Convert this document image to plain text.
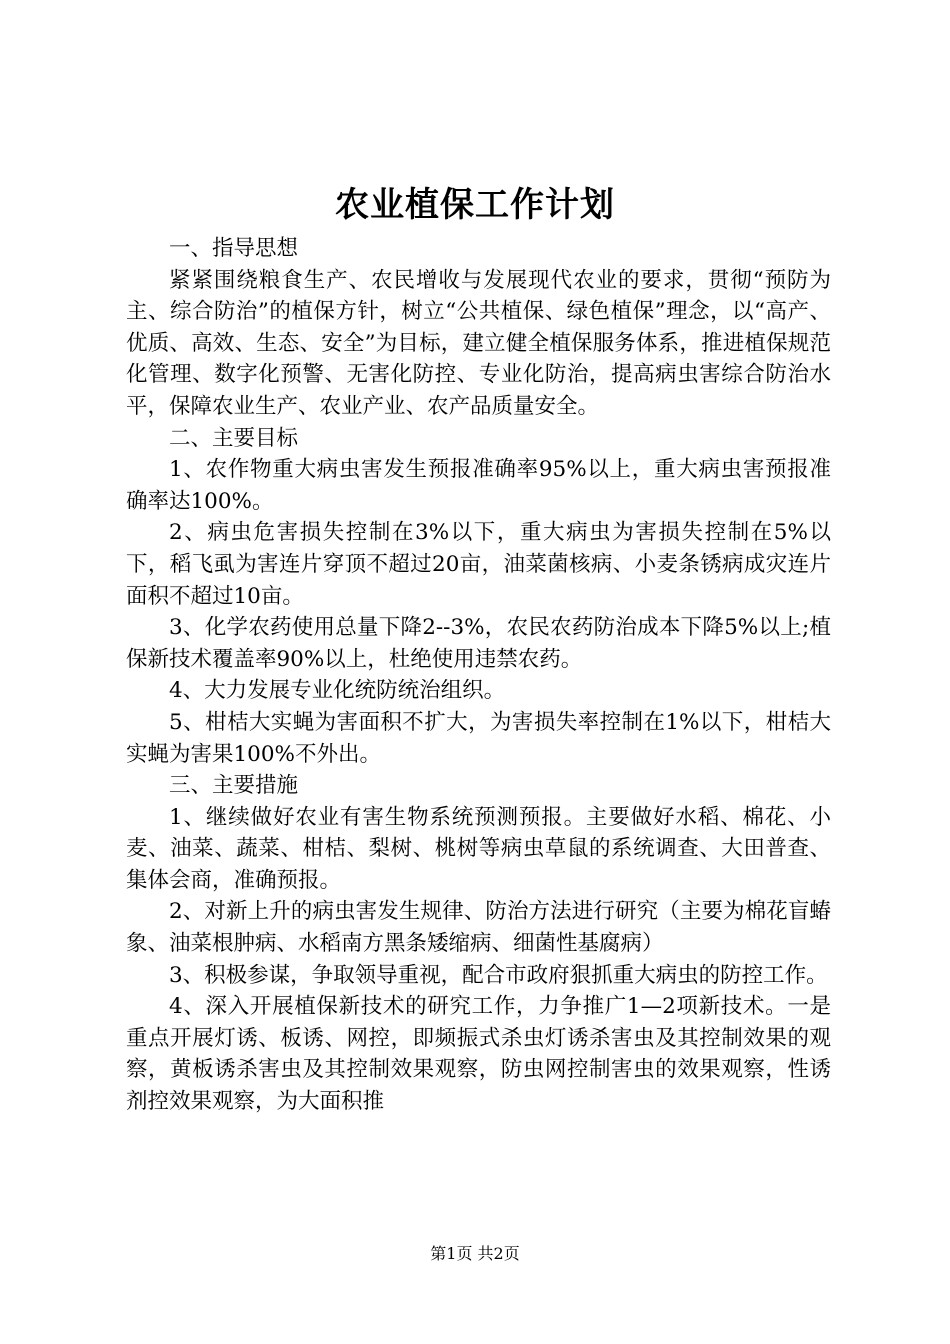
农业植保工作计划

一、指导思想

紧紧围绕粮食生产、农民增收与发展现代农业的要求，贯彻“预防为主、综合防治”的植保方针，树立“公共植保、绿色植保”理念，以“高产、优质、高效、生态、安全”为目标，建立健全植保服务体系，推进植保规范化管理、数字化预警、无害化防控、专业化防治，提高病虫害综合防治水平，保障农业生产、农业产业、农产品质量安全。

二、主要目标

1、农作物重大病虫害发生预报准确率95%以上，重大病虫害预报准确率达100%。

2、病虫危害损失控制在3%以下，重大病虫为害损失控制在5%以下，稻飞虱为害连片穿顶不超过20亩，油菜菌核病、小麦条锈病成灾连片面积不超过10亩。

3、化学农药使用总量下降2--3%，农民农药防治成本下降5%以上;植保新技术覆盖率90%以上，杜绝使用违禁农药。

4、大力发展专业化统防统治组织。

5、柑桔大实蝇为害面积不扩大，为害损失率控制在1%以下，柑桔大实蝇为害果100%不外出。

三、主要措施

1、继续做好农业有害生物系统预测预报。主要做好水稻、棉花、小麦、油菜、蔬菜、柑桔、梨树、桃树等病虫草鼠的系统调查、大田普查、集体会商，准确预报。

2、对新上升的病虫害发生规律、防治方法进行研究（主要为棉花盲蝽象、油菜根肿病、水稻南方黑条矮缩病、细菌性基腐病）

3、积极参谋，争取领导重视，配合市政府狠抓重大病虫的防控工作。

4、深入开展植保新技术的研究工作，力争推广1—2项新技术。一是重点开展灯诱、板诱、网控，即频振式杀虫灯诱杀害虫及其控制效果的观察，黄板诱杀害虫及其控制效果观察，防虫网控制害虫的效果观察，性诱剂控效果观察，为大面积推

第1页 共2页
